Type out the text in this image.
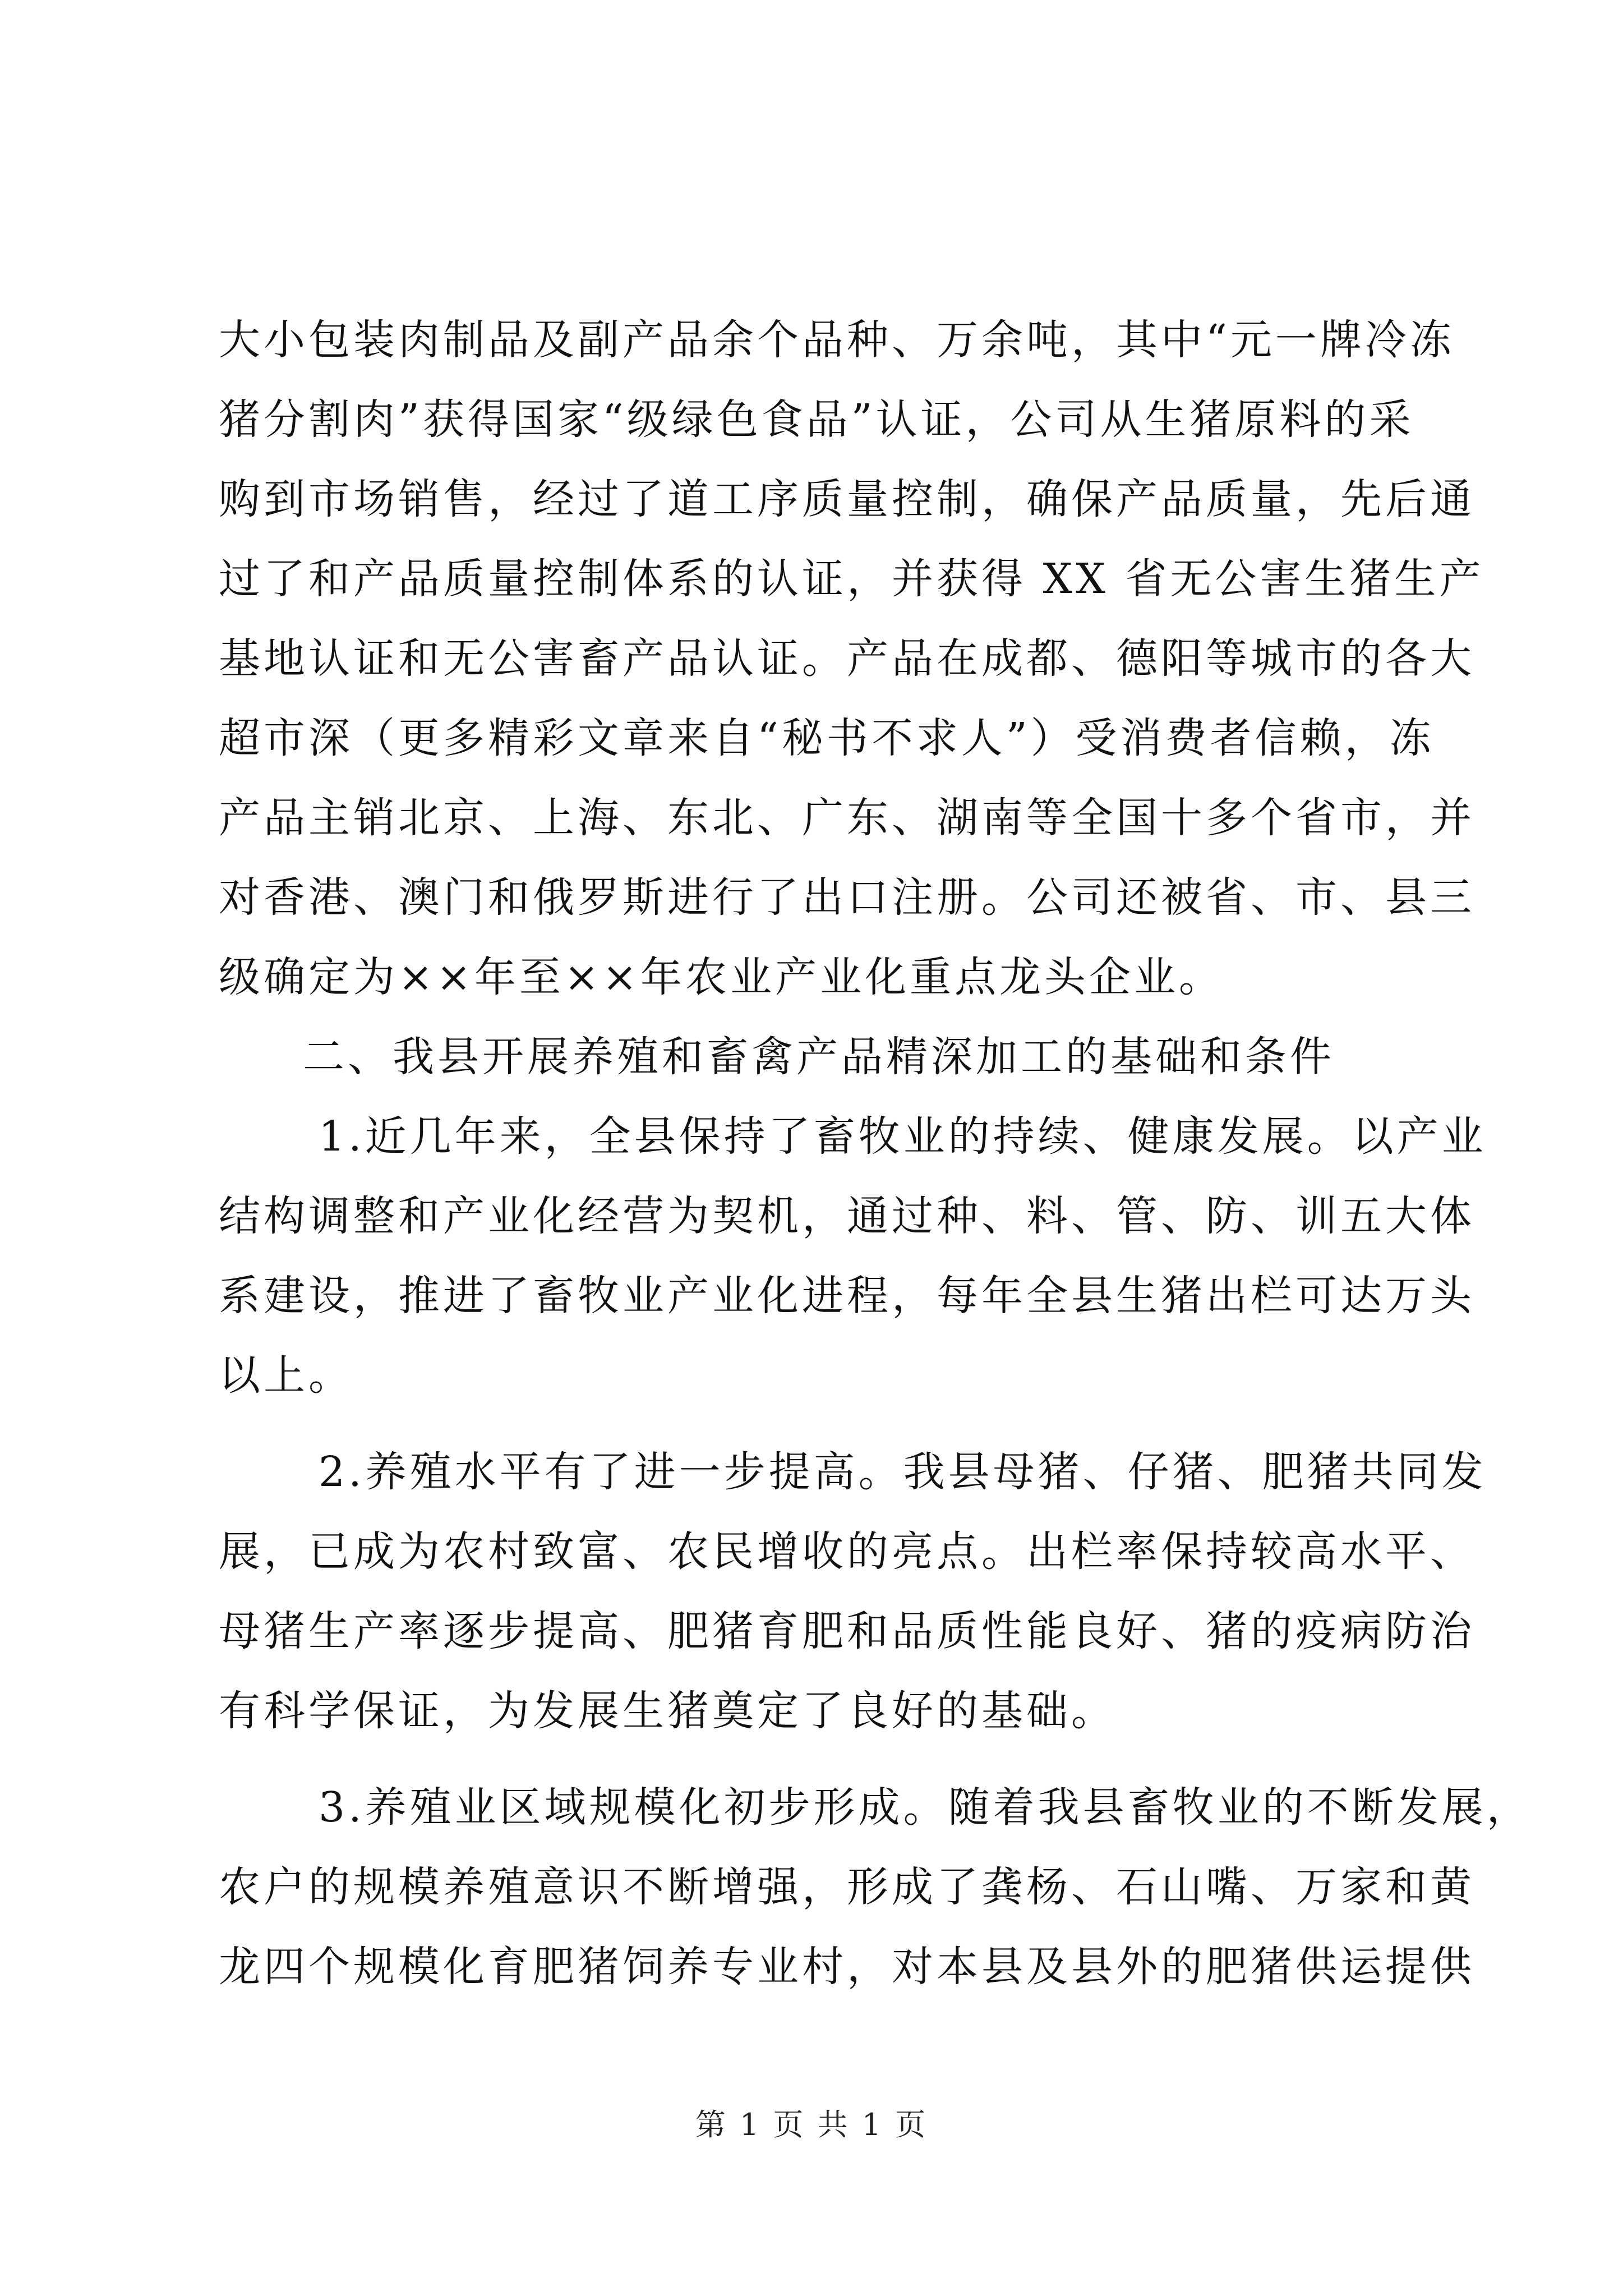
大小包装肉制品及副产品余个品种、万余吨，其中“元一牌冷冻
猪分割肉”获得国家“级绿色食品”认证，公司从生猪原料的采
购到市场销售，经过了道工序质量控制，确保产品质量，先后通
过了和产品质量控制体系的认证，并获得 XX 省无公害生猪生产
基地认证和无公害畜产品认证。产品在成都、德阳等城市的各大
超市深（更多精彩文章来自“秘书不求人”）受消费者信赖，冻
产品主销北京、上海、东北、广东、湖南等全国十多个省市，并
对香港、澳门和俄罗斯进行了出口注册。公司还被省、市、县三
级确定为××年至××年农业产业化重点龙头企业。
二、我县开展养殖和畜禽产品精深加工的基础和条件
1.近几年来，全县保持了畜牧业的持续、健康发展。以产业
结构调整和产业化经营为契机，通过种、料、管、防、训五大体
系建设，推进了畜牧业产业化进程，每年全县生猪出栏可达万头
以上。
2.养殖水平有了进一步提高。我县母猪、仔猪、肥猪共同发
展，已成为农村致富、农民增收的亮点。出栏率保持较高水平、
母猪生产率逐步提高、肥猪育肥和品质性能良好、猪的疫病防治
有科学保证，为发展生猪奠定了良好的基础。
3.养殖业区域规模化初步形成。随着我县畜牧业的不断发展，
农户的规模养殖意识不断增强，形成了龚杨、石山嘴、万家和黄
龙四个规模化育肥猪饲养专业村，对本县及县外的肥猪供运提供
第 1 页 共 1 页
